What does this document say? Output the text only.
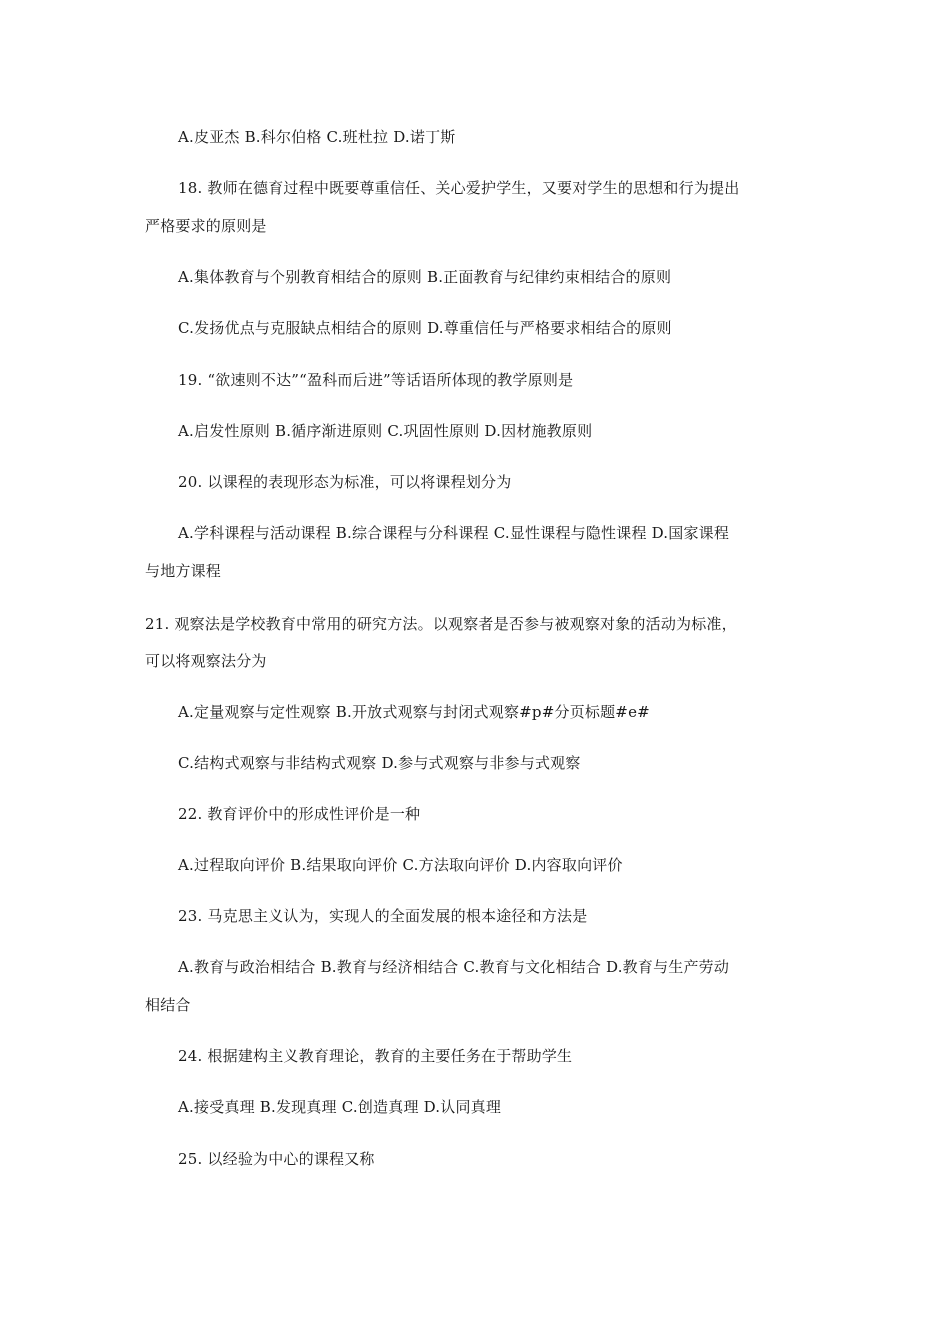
A.皮亚杰 B.科尔伯格 C.班杜拉 D.诺丁斯
18. 教师在德育过程中既要尊重信任、关心爱护学生，又要对学生的思想和行为提出
严格要求的原则是
A.集体教育与个别教育相结合的原则 B.正面教育与纪律约束相结合的原则
C.发扬优点与克服缺点相结合的原则 D.尊重信任与严格要求相结合的原则
19. “欲速则不达”“盈科而后进”等话语所体现的教学原则是
A.启发性原则 B.循序渐进原则 C.巩固性原则 D.因材施教原则
20. 以课程的表现形态为标准，可以将课程划分为
A.学科课程与活动课程 B.综合课程与分科课程 C.显性课程与隐性课程 D.国家课程
与地方课程
21. 观察法是学校教育中常用的研究方法。以观察者是否参与被观察对象的活动为标准，
可以将观察法分为
A.定量观察与定性观察 B.开放式观察与封闭式观察#p#分页标题#e#
C.结构式观察与非结构式观察 D.参与式观察与非参与式观察
22. 教育评价中的形成性评价是一种
A.过程取向评价 B.结果取向评价 C.方法取向评价 D.内容取向评价
23. 马克思主义认为，实现人的全面发展的根本途径和方法是
A.教育与政治相结合 B.教育与经济相结合 C.教育与文化相结合 D.教育与生产劳动
相结合
24. 根据建构主义教育理论，教育的主要任务在于帮助学生
A.接受真理 B.发现真理 C.创造真理 D.认同真理
25. 以经验为中心的课程又称
